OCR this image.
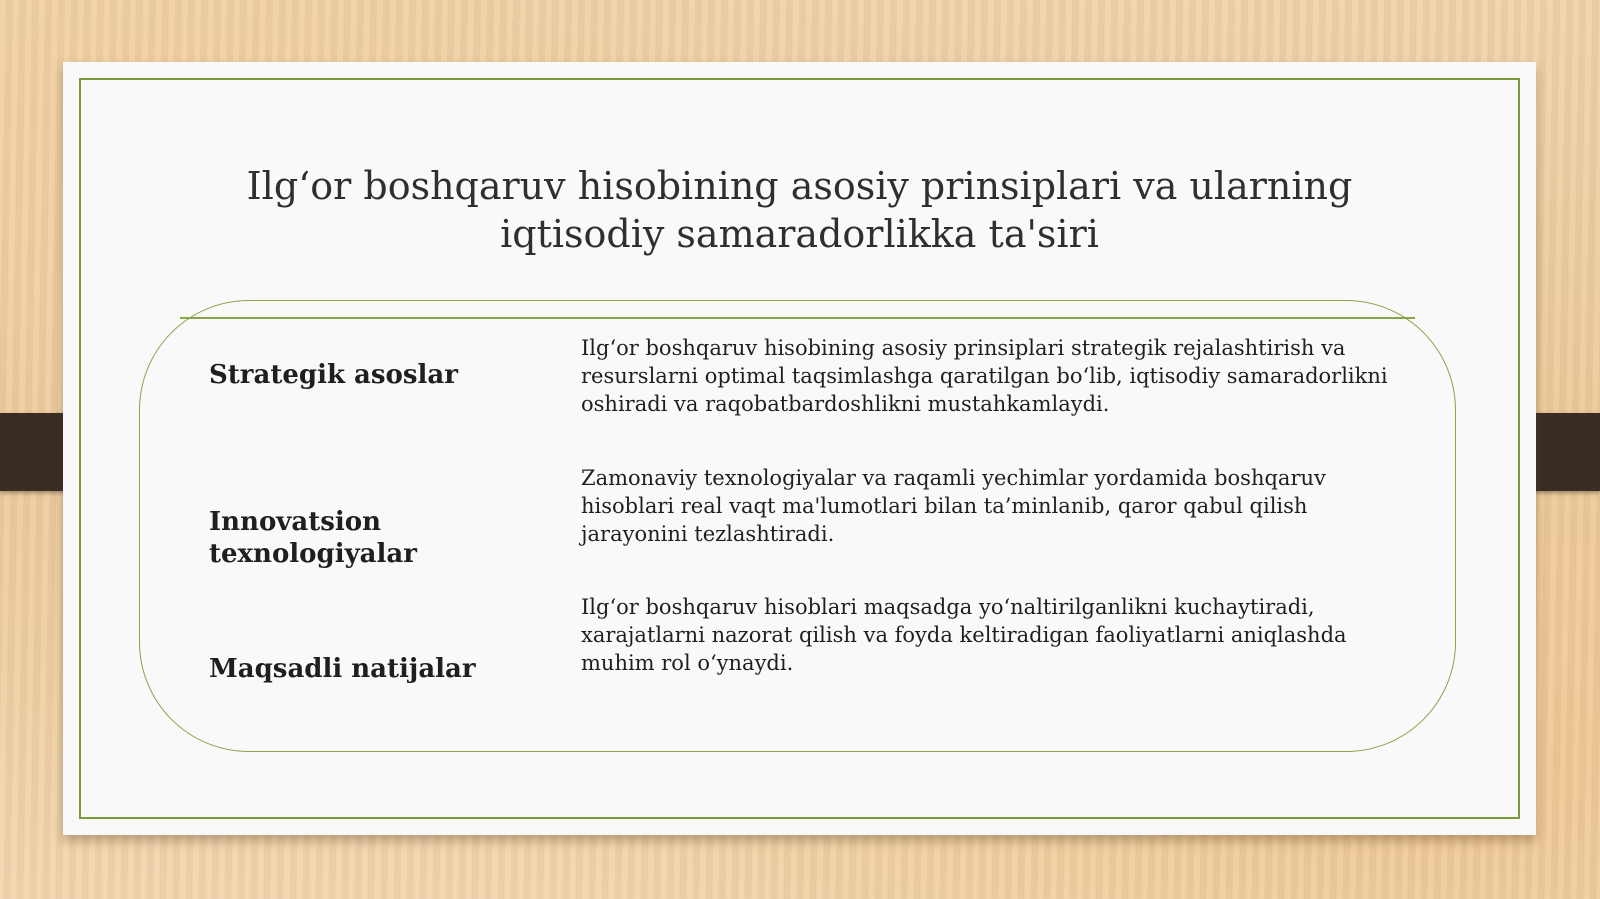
Ilg‘or boshqaruv hisobining asosiy prinsiplari va ularning iqtisodiy samaradorlikka ta'siri
Strategik asoslar

Ilg‘or boshqaruv hisobining asosiy prinsiplari strategik rejalashtirish va resurslarni optimal taqsimlashga qaratilgan bo‘lib, iqtisodiy samaradorlikni oshiradi va raqobatbardoshlikni mustahkamlaydi.

Innovatsion texnologiyalar

Zamonaviy texnologiyalar va raqamli yechimlar yordamida boshqaruv hisoblari real vaqt ma'lumotlari bilan ta’minlanib, qaror qabul qilish jarayonini tezlashtiradi.

Maqsadli natijalar

Ilg‘or boshqaruv hisoblari maqsadga yo‘naltirilganlikni kuchaytiradi, xarajatlarni nazorat qilish va foyda keltiradigan faoliyatlarni aniqlashda muhim rol o‘ynaydi.
